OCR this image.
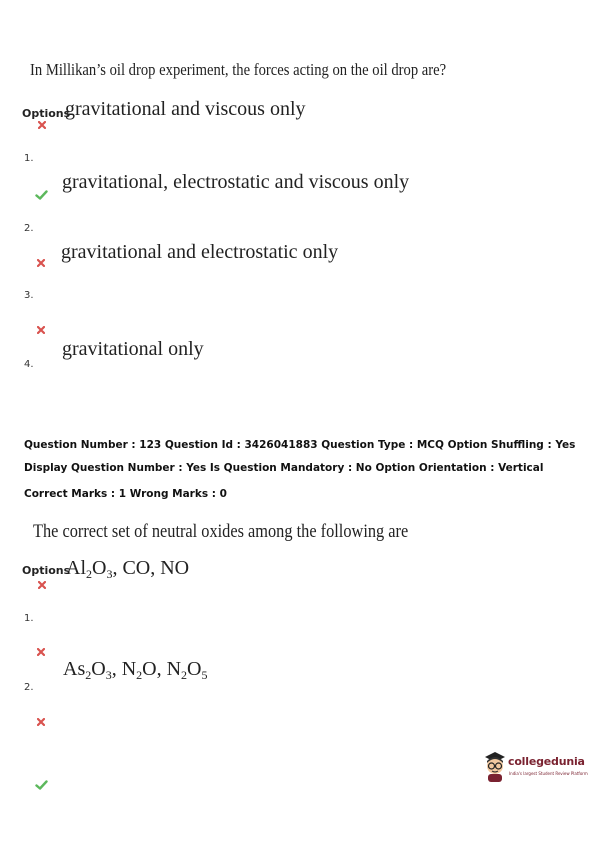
In Millikan’s oil drop experiment, the forces acting on the oil drop are?
Options
gravitational and viscous only
1.
gravitational, electrostatic and viscous only
2.
gravitational and electrostatic only
3.
gravitational only
4.
Question Number : 123 Question Id : 3426041883 Question Type : MCQ Option Shuffling : Yes
Display Question Number : Yes Is Question Mandatory : No Option Orientation : Vertical
Correct Marks : 1 Wrong Marks : 0
The correct set of neutral oxides among the following are
Options
$Al_2O_3$, CO, NO
1.
$As_2O_3$, $N_2O$, $N_2O_5$
2.
collegedunia
India's largest Student Review Platform
